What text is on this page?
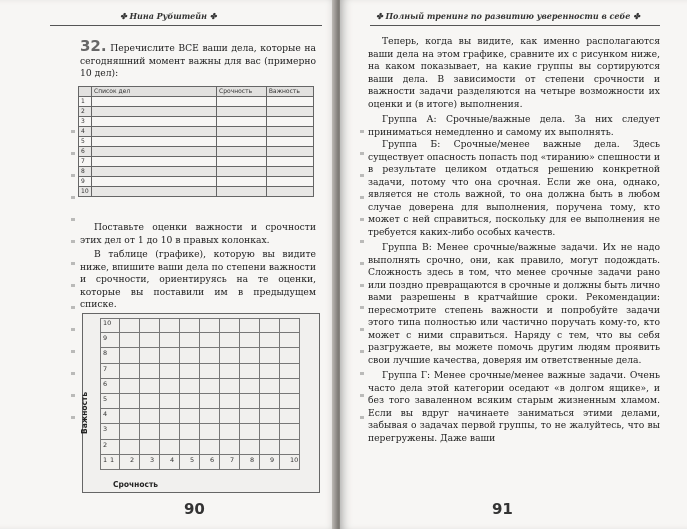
✤ Нина Рубштейн ✤

32. Перечислите ВСЕ ваши дела, которые на сегодняшний момент важны для вас (примерно 10 дел):

	Список дел	Срочность	Важность
1			
2			
3			
4			
5			
6			
7			
8			
9			
10			

Поставьте оценки важности и срочности этих дел от 1 до 10 в правых колонках.

В таблице (графике), которую вы видите ниже, впишите ваши дела по степени важности и срочности, ориентируясь на те оценки, которые вы поставили им в предыдущем списке.

10
9
8
7
6
5
4
3
2
1 1 2 3 4 5 6 7 8 9 10
Важность
Срочность
90
✤ Полный тренинг по развитию уверенности в себе ✤

Теперь, когда вы видите, как именно располагаются ваши дела на этом графике, сравните их с рисунком ниже, на каком показывает, на какие группы вы сортируются ваши дела. В зависимости от степени срочности и важности задачи разделяются на четыре возможности их оценки и (в итоге) выполнения.

Группа А: Срочные/важные дела. За них следует приниматься немедленно и самому их выполнять.

Группа Б: Срочные/менее важные дела. Здесь существует опасность попасть под «тиранию» спешности и в результате целиком отдаться решению конкретной задачи, потому что она срочная. Если же она, однако, является не столь важной, то она должна быть в любом случае доверена для выполнения, поручена тому, кто может с ней справиться, поскольку для ее выполнения не требуется каких-либо особых качеств.

Группа В: Менее срочные/важные задачи. Их не надо выполнять срочно, они, как правило, могут подождать. Сложность здесь в том, что менее срочные задачи рано или поздно превращаются в срочные и должны быть лично вами разрешены в кратчайшие сроки. Рекомендации: пересмотрите степень важности и попробуйте задачи этого типа полностью или частично поручать кому-то, кто может с ними справиться. Наряду с тем, что вы себя разгружаете, вы можете помочь другим людям проявить свои лучшие качества, доверяя им ответственные дела.

Группа Г: Менее срочные/менее важные задачи. Очень часто дела этой категории оседают «в долгом ящике», и без того заваленном всяким старым жизненным хламом. Если вы вдруг начинаете заниматься этими делами, забывая о задачах первой группы, то не жалуйтесь, что вы перегружены. Даже ваши

91
